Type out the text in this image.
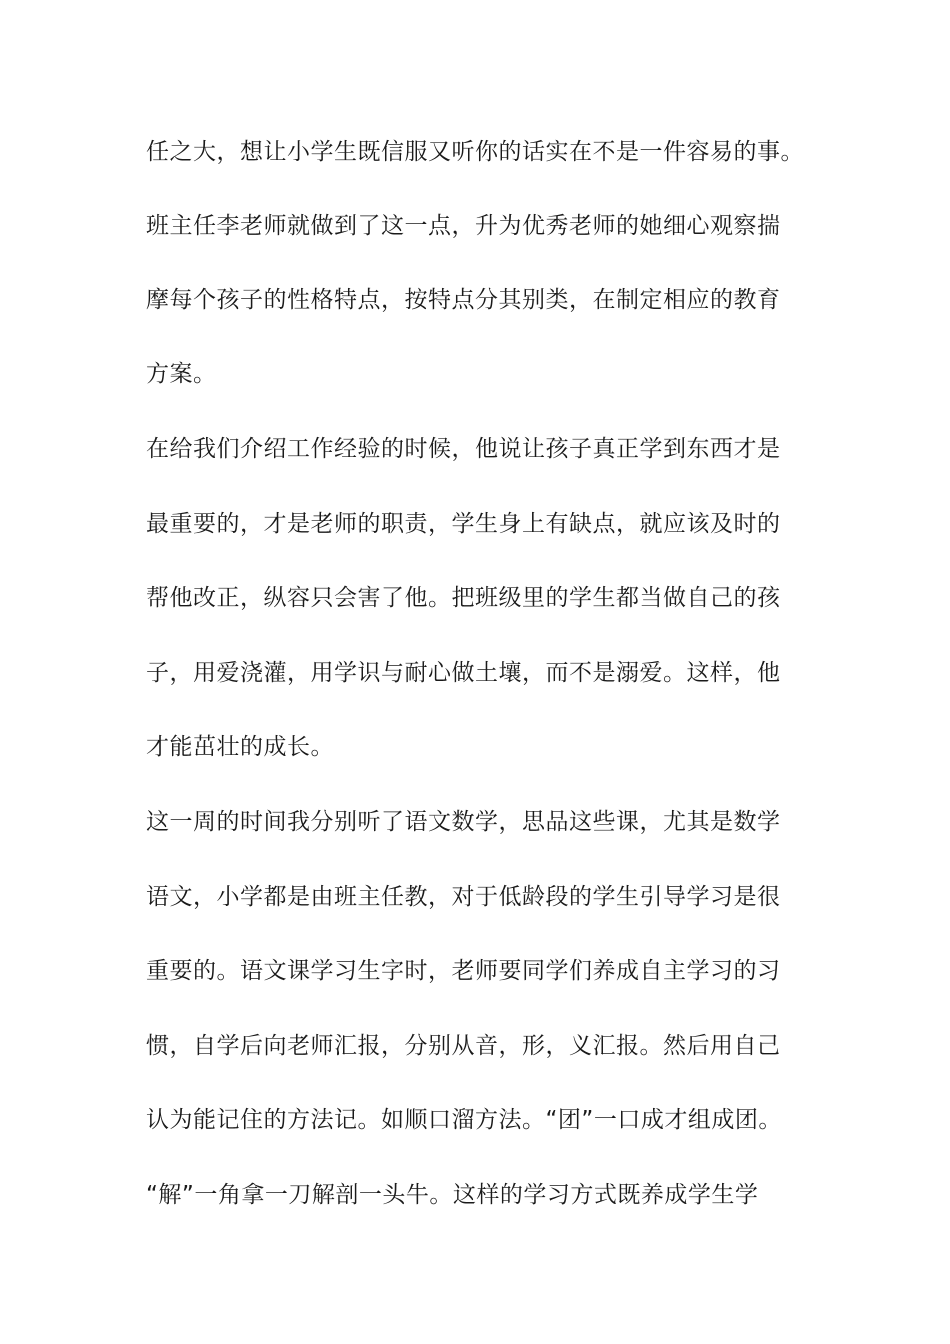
任之大，想让小学生既信服又听你的话实在不是一件容易的事。
班主任李老师就做到了这一点，升为优秀老师的她细心观察揣
摩每个孩子的性格特点，按特点分其别类，在制定相应的教育
方案。
在给我们介绍工作经验的时候，他说让孩子真正学到东西才是
最重要的，才是老师的职责，学生身上有缺点，就应该及时的
帮他改正，纵容只会害了他。把班级里的学生都当做自己的孩
子，用爱浇灌，用学识与耐心做土壤，而不是溺爱。这样，他
才能茁壮的成长。
这一周的时间我分别听了语文数学，思品这些课，尤其是数学
语文，小学都是由班主任教，对于低龄段的学生引导学习是很
重要的。语文课学习生字时，老师要同学们养成自主学习的习
惯，自学后向老师汇报，分别从音，形，义汇报。然后用自己
认为能记住的方法记。如顺口溜方法。“团”一口成才组成团。
“解”一角拿一刀解剖一头牛。这样的学习方式既养成学生学
